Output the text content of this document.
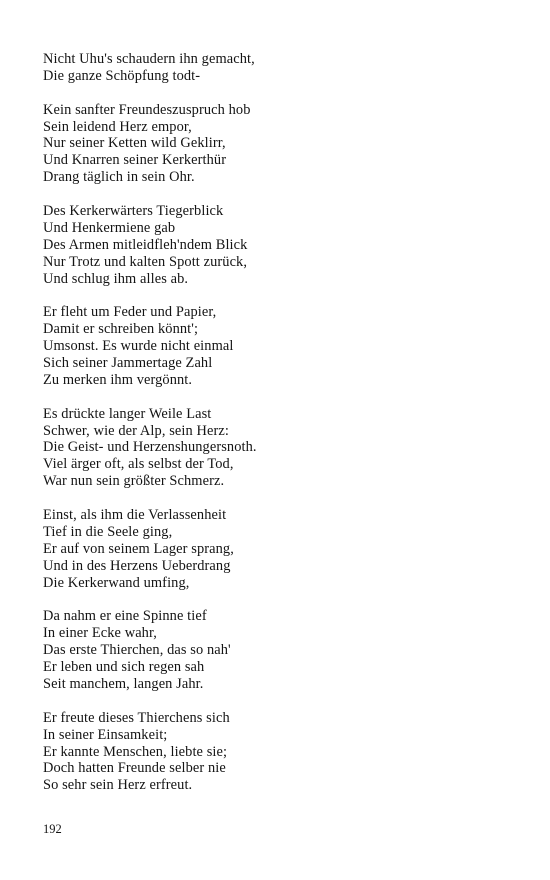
Nicht Uhu's schaudern ihn gemacht,
Die ganze Schöpfung todt-
Kein sanfter Freundeszuspruch hob
Sein leidend Herz empor,
Nur seiner Ketten wild Geklirr,
Und Knarren seiner Kerkerthür
Drang täglich in sein Ohr.
Des Kerkerwärters Tiegerblick
Und Henkermiene gab
Des Armen mitleidfleh'ndem Blick
Nur Trotz und kalten Spott zurück,
Und schlug ihm alles ab.
Er fleht um Feder und Papier,
Damit er schreiben könnt';
Umsonst. Es wurde nicht einmal
Sich seiner Jammertage Zahl
Zu merken ihm vergönnt.
Es drückte langer Weile Last
Schwer, wie der Alp, sein Herz:
Die Geist- und Herzenshungersnoth.
Viel ärger oft, als selbst der Tod,
War nun sein größter Schmerz.
Einst, als ihm die Verlassenheit
Tief in die Seele ging,
Er auf von seinem Lager sprang,
Und in des Herzens Ueberdrang
Die Kerkerwand umfing,
Da nahm er eine Spinne tief
In einer Ecke wahr,
Das erste Thierchen, das so nah'
Er leben und sich regen sah
Seit manchem, langen Jahr.
Er freute dieses Thierchens sich
In seiner Einsamkeit;
Er kannte Menschen, liebte sie;
Doch hatten Freunde selber nie
So sehr sein Herz erfreut.
192
